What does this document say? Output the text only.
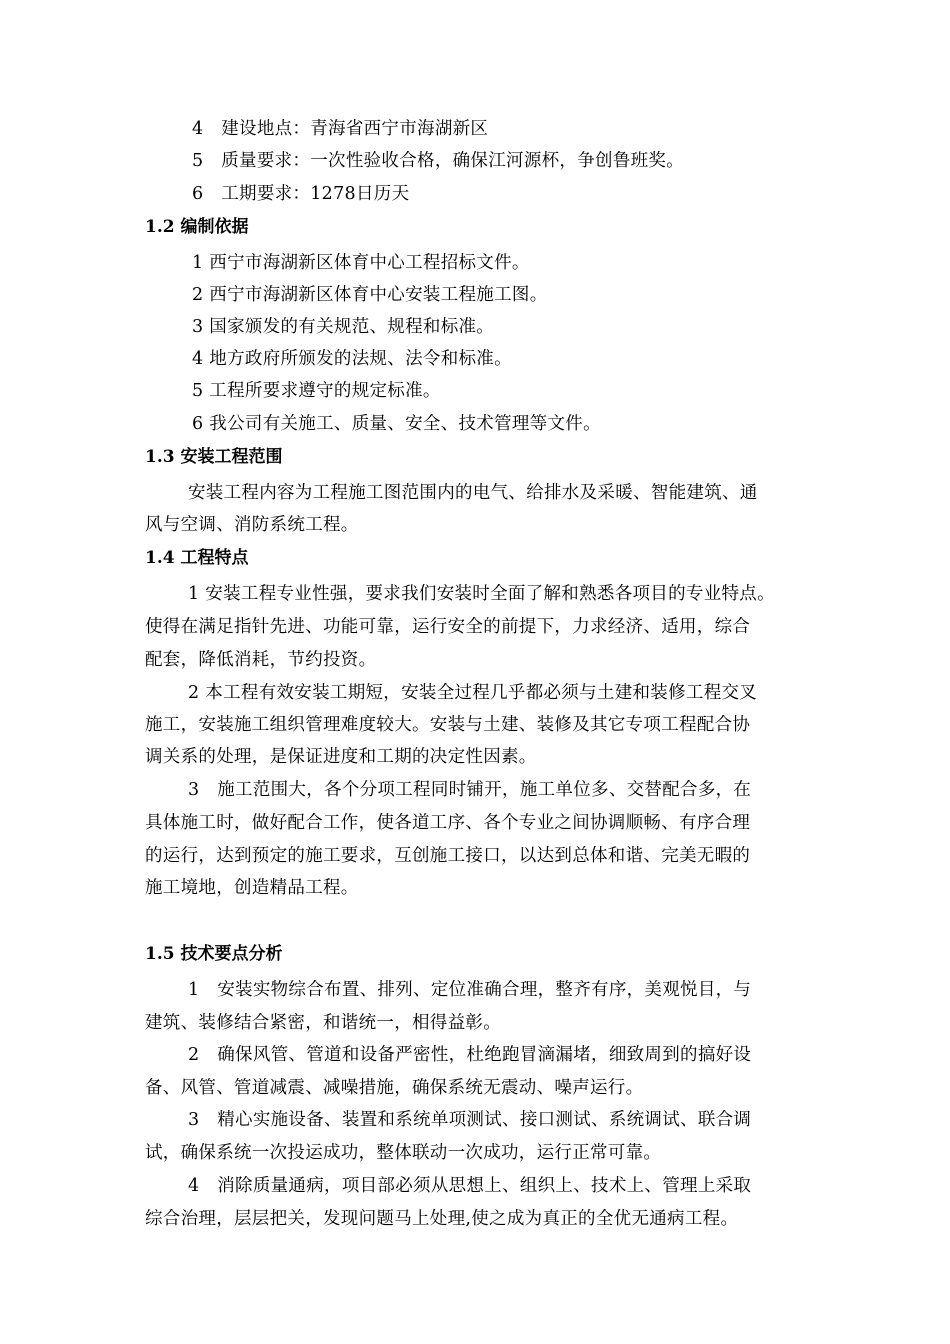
4　建设地点：青海省西宁市海湖新区
5　质量要求：一次性验收合格，确保江河源杯，争创鲁班奖。
6　工期要求：1278日历天
1.2 编制依据
1 西宁市海湖新区体育中心工程招标文件。
2 西宁市海湖新区体育中心安装工程施工图。
3 国家颁发的有关规范、规程和标准。
4 地方政府所颁发的法规、法令和标准。
5 工程所要求遵守的规定标准。
6 我公司有关施工、质量、安全、技术管理等文件。
1.3 安装工程范围
安装工程内容为工程施工图范围内的电气、给排水及采暖、智能建筑、通
风与空调、消防系统工程。
1.4 工程特点
1 安装工程专业性强，要求我们安装时全面了解和熟悉各项目的专业特点。
使得在满足指针先进、功能可靠，运行安全的前提下，力求经济、适用，综合
配套，降低消耗，节约投资。
2 本工程有效安装工期短，安装全过程几乎都必须与土建和装修工程交叉
施工，安装施工组织管理难度较大。安装与土建、装修及其它专项工程配合协
调关系的处理，是保证进度和工期的决定性因素。
3　施工范围大，各个分项工程同时铺开，施工单位多、交替配合多，在
具体施工时，做好配合工作，使各道工序、各个专业之间协调顺畅、有序合理
的运行，达到预定的施工要求，互创施工接口，以达到总体和谐、完美无暇的
施工境地，创造精品工程。
1.5 技术要点分析
1　安装实物综合布置、排列、定位准确合理，整齐有序，美观悦目，与
建筑、装修结合紧密，和谐统一，相得益彰。
2　确保风管、管道和设备严密性，杜绝跑冒滴漏堵，细致周到的搞好设
备、风管、管道减震、减噪措施，确保系统无震动、噪声运行。
3　精心实施设备、装置和系统单项测试、接口测试、系统调试、联合调
试，确保系统一次投运成功，整体联动一次成功，运行正常可靠。
4　消除质量通病，项目部必须从思想上、组织上、技术上、管理上采取
综合治理，层层把关，发现问题马上处理,使之成为真正的全优无通病工程。
